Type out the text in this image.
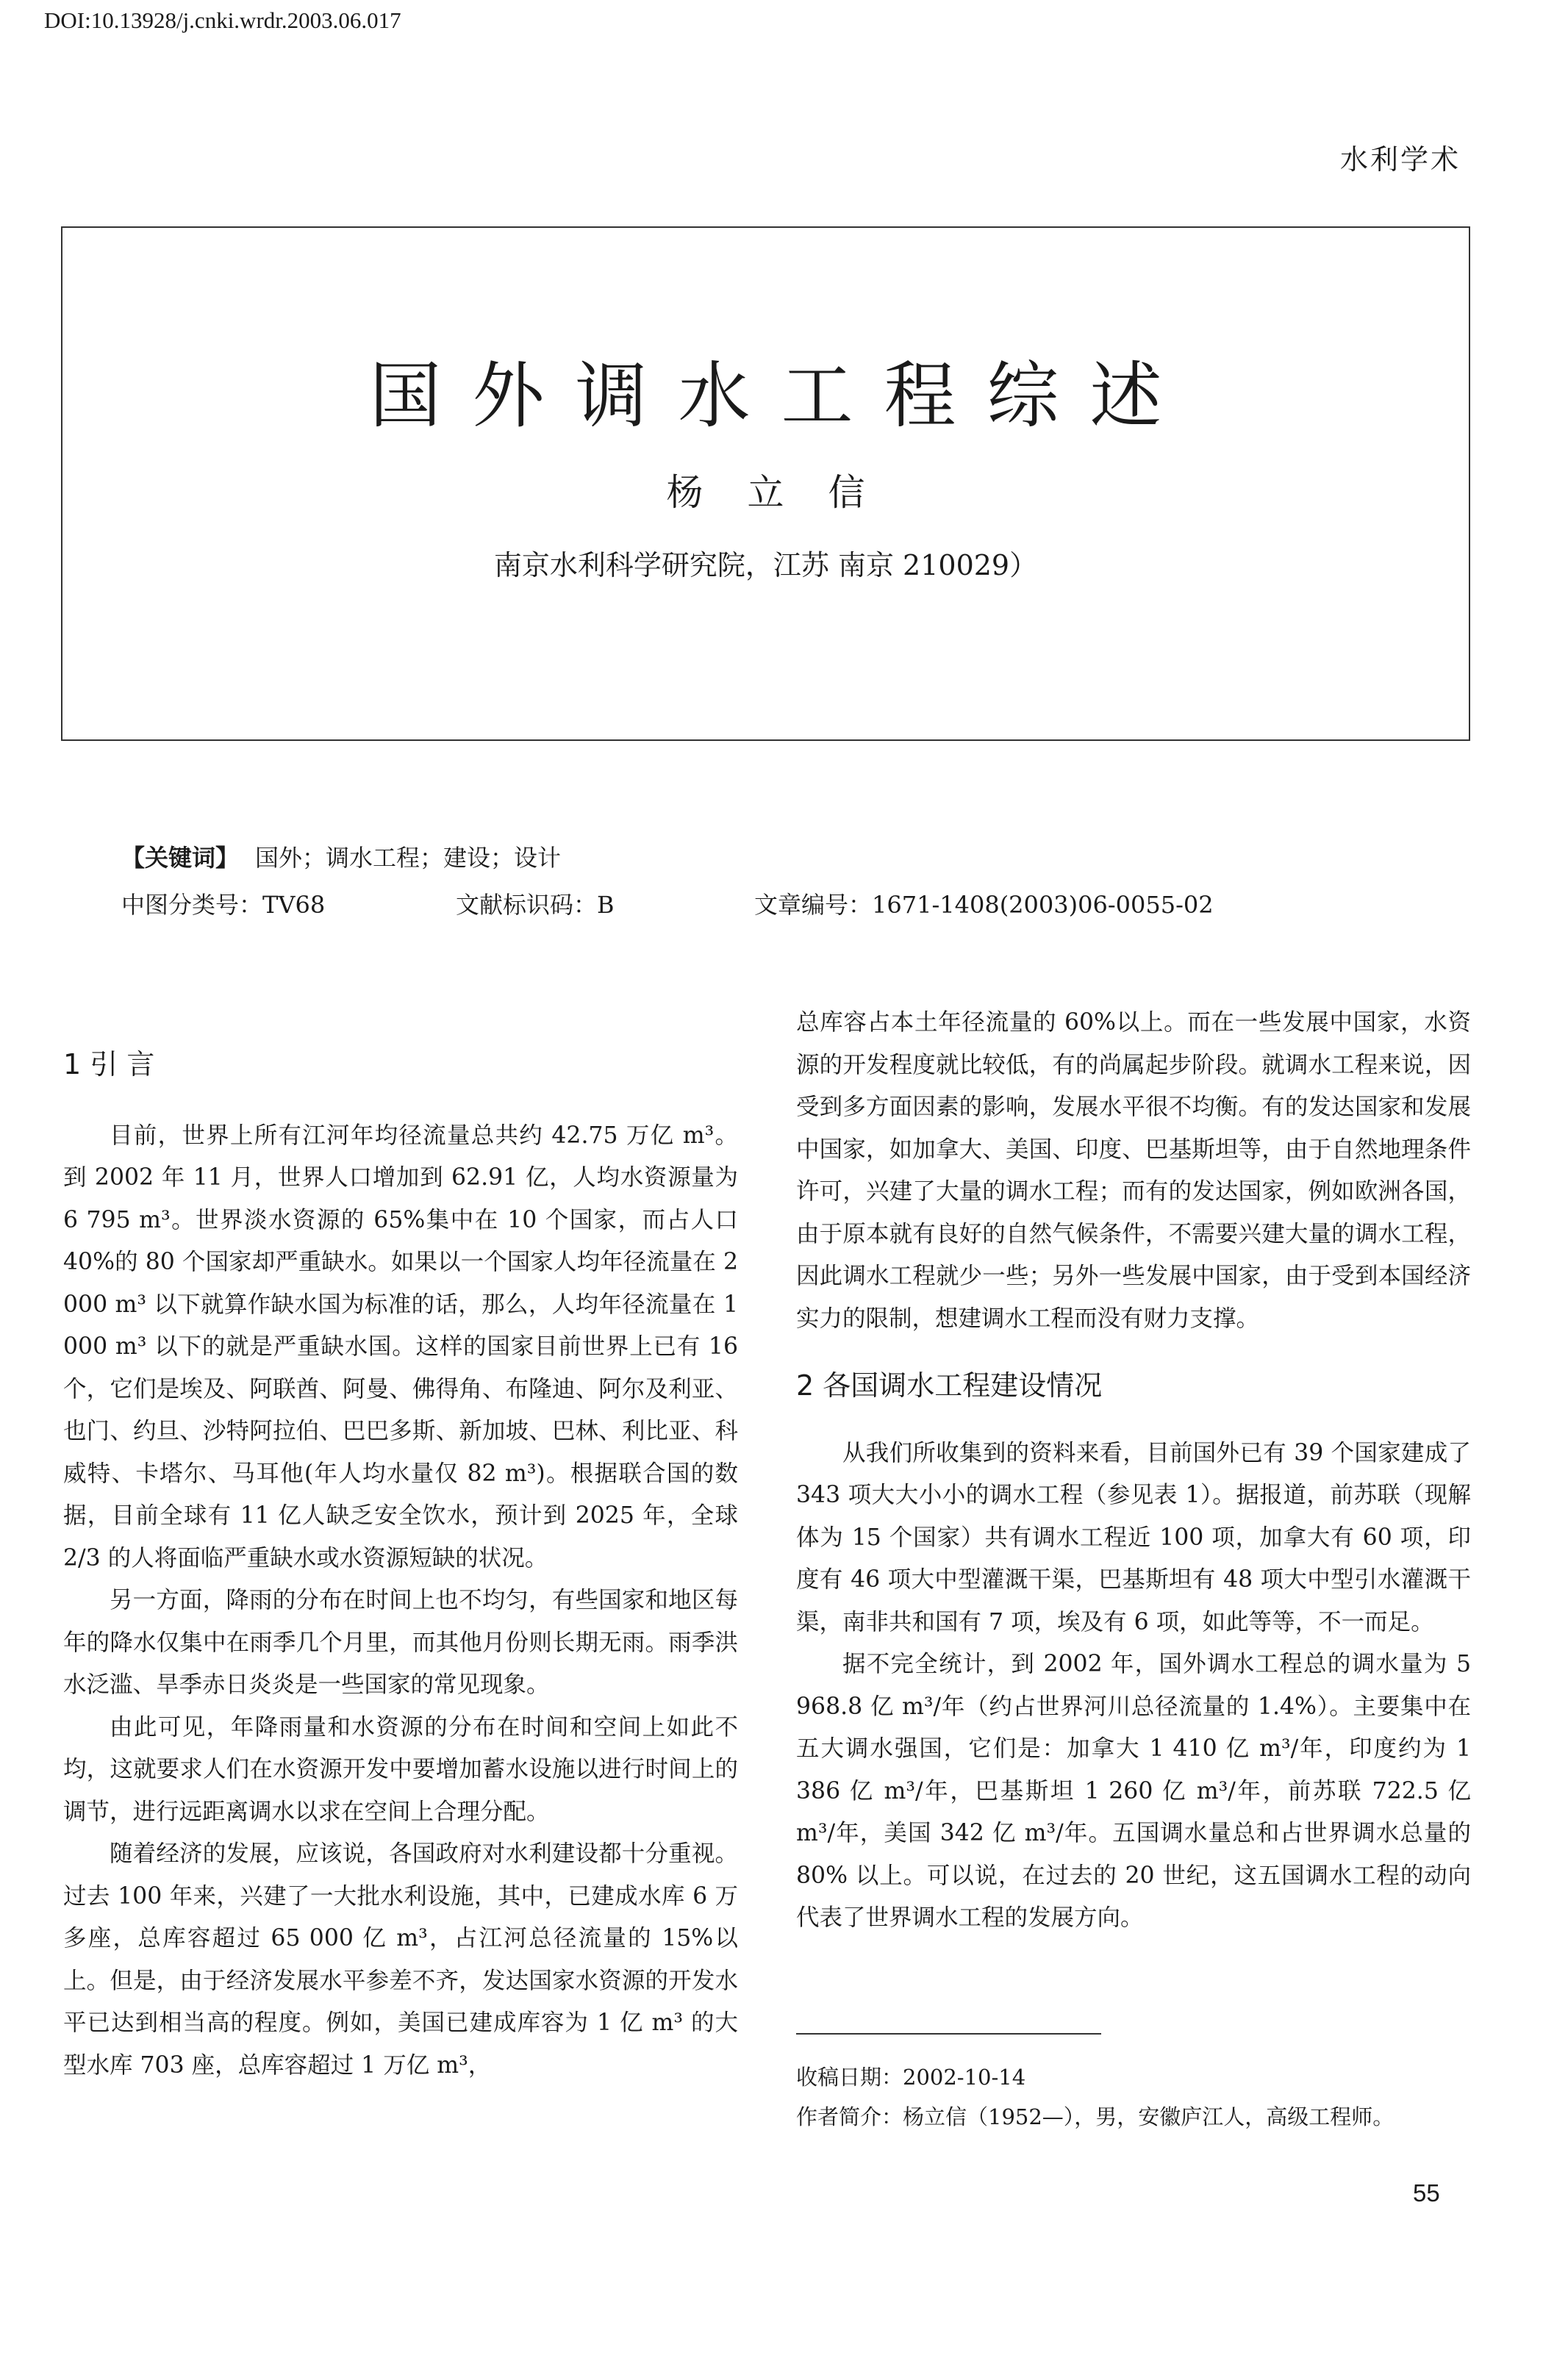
DOI:10.13928/j.cnki.wrdr.2003.06.017
水利学术
国外调水工程综述
杨立信
南京水利科学研究院，江苏 南京 210029）
【关键词】 国外；调水工程；建设；设计
中图分类号：TV68	文献标识码：B	文章编号：1671-1408(2003)06-0055-02
1 引 言

目前，世界上所有江河年均径流量总共约 42.75 万亿 m³。到 2002 年 11 月，世界人口增加到 62.91 亿，人均水资源量为 6 795 m³。世界淡水资源的 65%集中在 10 个国家，而占人口 40%的 80 个国家却严重缺水。如果以一个国家人均年径流量在 2 000 m³ 以下就算作缺水国为标准的话，那么，人均年径流量在 1 000 m³ 以下的就是严重缺水国。这样的国家目前世界上已有 16 个，它们是埃及、阿联酋、阿曼、佛得角、布隆迪、阿尔及利亚、也门、约旦、沙特阿拉伯、巴巴多斯、新加坡、巴林、利比亚、科威特、卡塔尔、马耳他(年人均水量仅 82 m³)。根据联合国的数据，目前全球有 11 亿人缺乏安全饮水，预计到 2025 年，全球 2/3 的人将面临严重缺水或水资源短缺的状况。

另一方面，降雨的分布在时间上也不均匀，有些国家和地区每年的降水仅集中在雨季几个月里，而其他月份则长期无雨。雨季洪水泛滥、旱季赤日炎炎是一些国家的常见现象。

由此可见，年降雨量和水资源的分布在时间和空间上如此不均，这就要求人们在水资源开发中要增加蓄水设施以进行时间上的调节，进行远距离调水以求在空间上合理分配。

随着经济的发展，应该说，各国政府对水利建设都十分重视。过去 100 年来，兴建了一大批水利设施，其中，已建成水库 6 万多座，总库容超过 65 000 亿 m³，占江河总径流量的 15%以上。但是，由于经济发展水平参差不齐，发达国家水资源的开发水平已达到相当高的程度。例如，美国已建成库容为 1 亿 m³ 的大型水库 703 座，总库容超过 1 万亿 m³，

总库容占本土年径流量的 60%以上。而在一些发展中国家，水资源的开发程度就比较低，有的尚属起步阶段。就调水工程来说，因受到多方面因素的影响，发展水平很不均衡。有的发达国家和发展中国家，如加拿大、美国、印度、巴基斯坦等，由于自然地理条件许可，兴建了大量的调水工程；而有的发达国家，例如欧洲各国，由于原本就有良好的自然气候条件，不需要兴建大量的调水工程，因此调水工程就少一些；另外一些发展中国家，由于受到本国经济实力的限制，想建调水工程而没有财力支撑。

2 各国调水工程建设情况

从我们所收集到的资料来看，目前国外已有 39 个国家建成了 343 项大大小小的调水工程（参见表 1）。据报道，前苏联（现解体为 15 个国家）共有调水工程近 100 项，加拿大有 60 项，印度有 46 项大中型灌溉干渠，巴基斯坦有 48 项大中型引水灌溉干渠，南非共和国有 7 项，埃及有 6 项，如此等等，不一而足。

据不完全统计，到 2002 年，国外调水工程总的调水量为 5 968.8 亿 m³/年（约占世界河川总径流量的 1.4%）。主要集中在五大调水强国，它们是：加拿大 1 410 亿 m³/年，印度约为 1 386 亿 m³/年，巴基斯坦 1 260 亿 m³/年，前苏联 722.5 亿 m³/年，美国 342 亿 m³/年。五国调水量总和占世界调水总量的 80% 以上。可以说，在过去的 20 世纪，这五国调水工程的动向代表了世界调水工程的发展方向。

收稿日期：2002-10-14
作者简介：杨立信（1952—），男，安徽庐江人，高级工程师。
55
